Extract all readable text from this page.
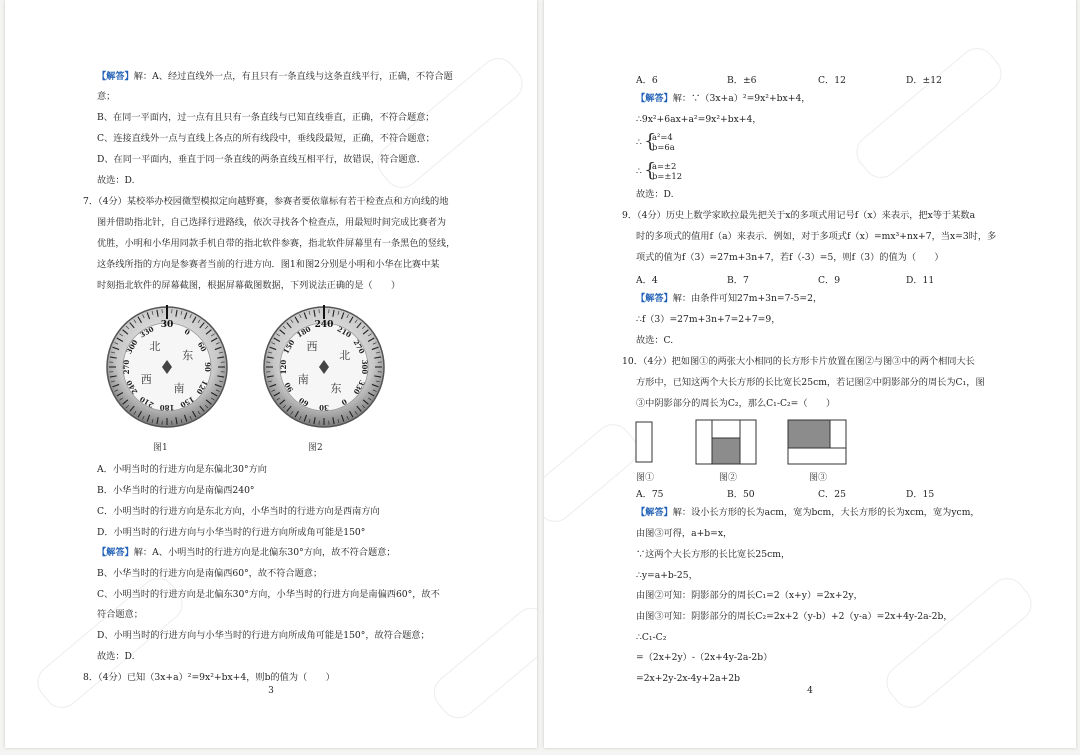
【解答】解：A、经过直线外一点，有且只有一条直线与这条直线平行，正确，不符合题
意；
B、在同一平面内，过一点有且只有一条直线与已知直线垂直，正确，不符合题意；
C、连接直线外一点与直线上各点的所有线段中，垂线段最短，正确，不符合题意；
D、在同一平面内，垂直于同一条直线的两条直线互相平行，故错误，符合题意．
故选：D.
7．（4分）某校举办校园微型模拟定向越野赛，参赛者要依靠标有若干检查点和方向线的地
图并借助指北针，自己选择行进路线，依次寻找各个检查点，用最短时间完成比赛者为
优胜，小明和小华用同款手机自带的指北软件参赛，指北软件屏幕里有一条黑色的竖线，
这条线所指的方向是参赛者当前的行进方向．图1和图2分别是小明和小华在比赛中某
时刻指北软件的屏幕截图，根据屏幕截图数据，下列说法正确的是（　　）
30
0
60
90
120
150
180
210
240
270
300
330
北
东
南
西
240 210
270
300
330
0
30
60
90
120
150
180
西
北
东
南
图1	图2
A．小明当时的行进方向是东偏北30°方向
B．小华当时的行进方向是南偏西240°
C．小明当时的行进方向是东北方向，小华当时的行进方向是西南方向
D．小明当时的行进方向与小华当时的行进方向所成角可能是150°
【解答】解：A、小明当时的行进方向是北偏东30°方向，故不符合题意；
B、小华当时的行进方向是南偏西60°，故不符合题意；
C、小明当时的行进方向是北偏东30°方向，小华当时的行进方向是南偏西60°，故不
符合题意；
D、小明当时的行进方向与小华当时的行进方向所成角可能是150°，故符合题意；
故选：D.
8．（4分）已知（3x+a）²=9x²+bx+4，则b的值为（　　）
3
A．6	B．±6	C．12	D．±12
【解答】解：∵（3x+a）²=9x²+bx+4，
∴9x²+6ax+a²=9x²+bx+4，
∴ {
a²=4
b=6a
∴ {
a=±2
b=±12
故选：D.
9．（4分）历史上数学家欧拉最先把关于x的多项式用记号f（x）来表示，把x等于某数a
时的多项式的值用f（a）来表示．例如，对于多项式f（x）=mx³+nx+7，当x=3时，多
项式的值为f（3）=27m+3n+7，若f（-3）=5，则f（3）的值为（　　）
A．4	B．7	C．9	D．11
【解答】解：由条件可知27m+3n=7-5=2，
∴f（3）=27m+3n+7=2+7=9，
故选：C.
10．（4分）把如图①的两张大小相同的长方形卡片放置在图②与图③中的两个相同大长
方形中，已知这两个大长方形的长比宽长25cm，若记图②中阴影部分的周长为C₁，图
③中阴影部分的周长为C₂，那么C₁-C₂=（　　）
图①	图②	图③
A．75	B．50	C．25	D．15
【解答】解：设小长方形的长为acm，宽为bcm，大长方形的长为xcm，宽为ycm，
由图③可得，a+b=x，
∵这两个大长方形的长比宽长25cm，
∴y=a+b-25，
由图②可知：阴影部分的周长C₁=2（x+y）=2x+2y，
由图③可知：阴影部分的周长C₂=2x+2（y-b）+2（y-a）=2x+4y-2a-2b，
∴C₁-C₂
=（2x+2y）-（2x+4y-2a-2b）
=2x+2y-2x-4y+2a+2b
4
